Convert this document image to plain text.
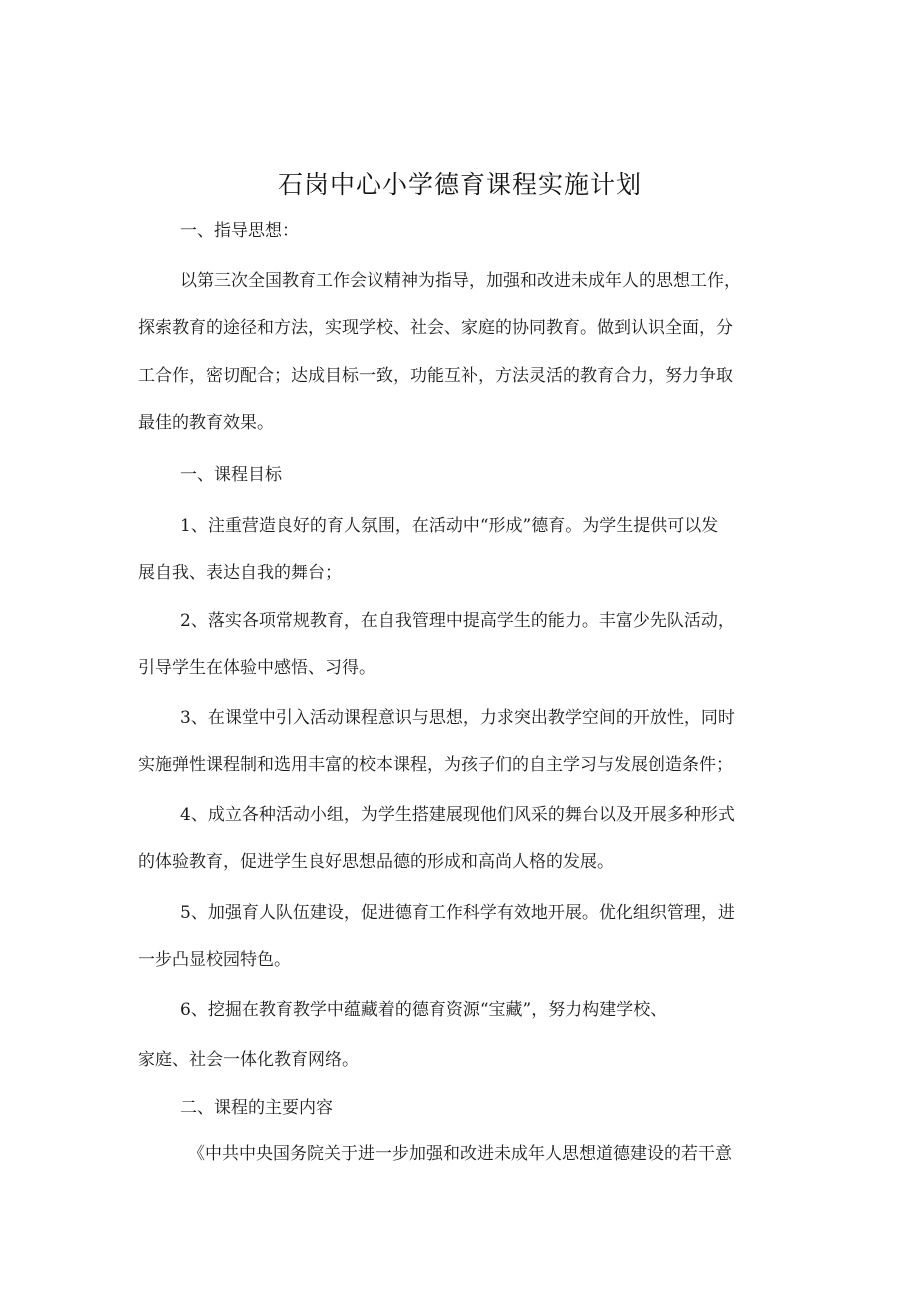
石岗中心小学德育课程实施计划
一、指导思想：
以第三次全国教育工作会议精神为指导，加强和改进未成年人的思想工作，
探索教育的途径和方法，实现学校、社会、家庭的协同教育。做到认识全面，分
工合作，密切配合；达成目标一致，功能互补，方法灵活的教育合力，努力争取
最佳的教育效果。
一、课程目标
1、注重营造良好的育人氛围，在活动中“形成”德育。为学生提供可以发
展自我、表达自我的舞台；
2、落实各项常规教育，在自我管理中提高学生的能力。丰富少先队活动，
引导学生在体验中感悟、习得。
3、在课堂中引入活动课程意识与思想，力求突出教学空间的开放性，同时
实施弹性课程制和选用丰富的校本课程，为孩子们的自主学习与发展创造条件；
4、成立各种活动小组，为学生搭建展现他们风采的舞台以及开展多种形式
的体验教育，促进学生良好思想品德的形成和高尚人格的发展。
5、加强育人队伍建设，促进德育工作科学有效地开展。优化组织管理，进
一步凸显校园特色。
6、挖掘在教育教学中蕴藏着的德育资源“宝藏”，努力构建学校、
家庭、社会一体化教育网络。
二、课程的主要内容
《中共中央国务院关于进一步加强和改进未成年人思想道德建设的若干意
